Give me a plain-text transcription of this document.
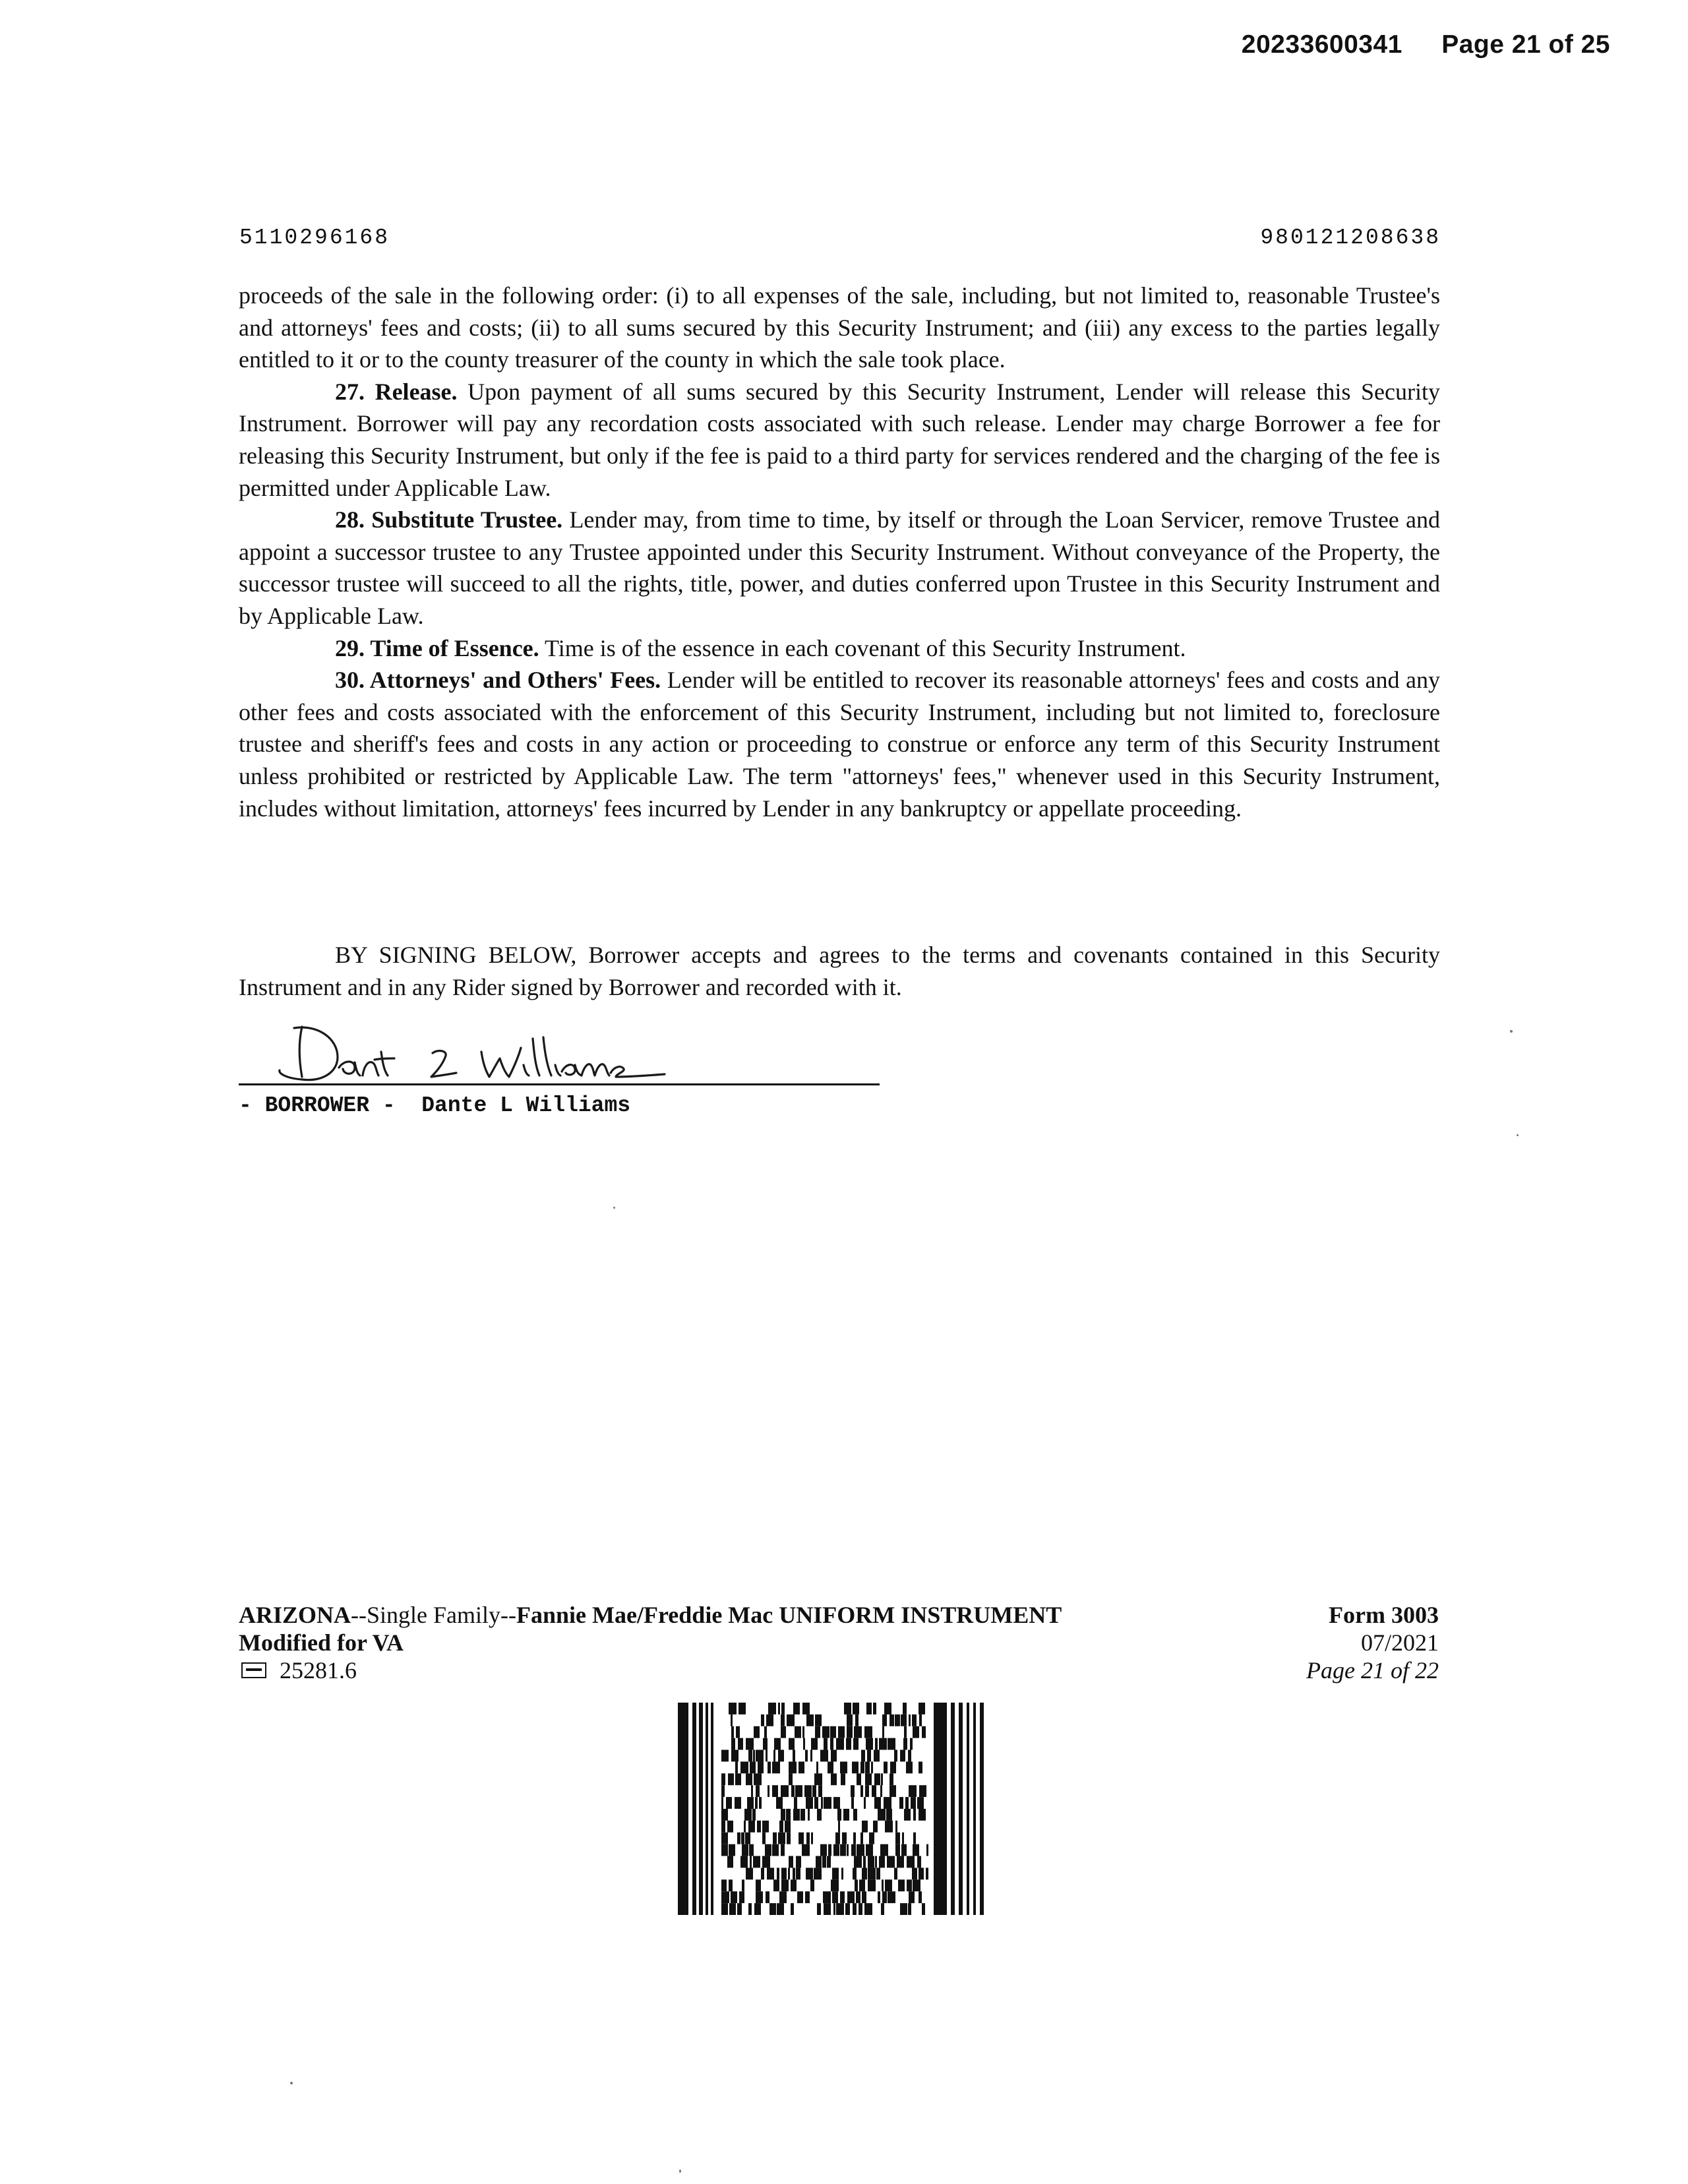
20233600341 Page 21 of 25
5110296168	980121208638

proceeds of the sale in the following order: (i) to all expenses of the sale, including, but not limited to, reasonable Trustee's and attorneys' fees and costs; (ii) to all sums secured by this Security Instrument; and (iii) any excess to the parties legally entitled to it or to the county treasurer of the county in which the sale took place.

27. Release. Upon payment of all sums secured by this Security Instrument, Lender will release this Security Instrument. Borrower will pay any recordation costs associated with such release. Lender may charge Borrower a fee for releasing this Security Instrument, but only if the fee is paid to a third party for services rendered and the charging of the fee is permitted under Applicable Law.

28. Substitute Trustee. Lender may, from time to time, by itself or through the Loan Servicer, remove Trustee and appoint a successor trustee to any Trustee appointed under this Security Instrument. Without conveyance of the Property, the successor trustee will succeed to all the rights, title, power, and duties conferred upon Trustee in this Security Instrument and by Applicable Law.

29. Time of Essence. Time is of the essence in each covenant of this Security Instrument.

30. Attorneys' and Others' Fees. Lender will be entitled to recover its reasonable attorneys' fees and costs and any other fees and costs associated with the enforcement of this Security Instrument, including but not limited to, foreclosure trustee and sheriff's fees and costs in any action or proceeding to construe or enforce any term of this Security Instrument unless prohibited or restricted by Applicable Law. The term "attorneys' fees," whenever used in this Security Instrument, includes without limitation, attorneys' fees incurred by Lender in any bankruptcy or appellate proceeding.

BY SIGNING BELOW, Borrower accepts and agrees to the terms and covenants contained in this Security Instrument and in any Rider signed by Borrower and recorded with it.

- BORROWER -  Dante L Williams
ARIZONA--Single Family--Fannie Mae/Freddie Mac UNIFORM INSTRUMENT
Modified for VA
25281.6
Form 3003
07/2021
Page 21 of 22
